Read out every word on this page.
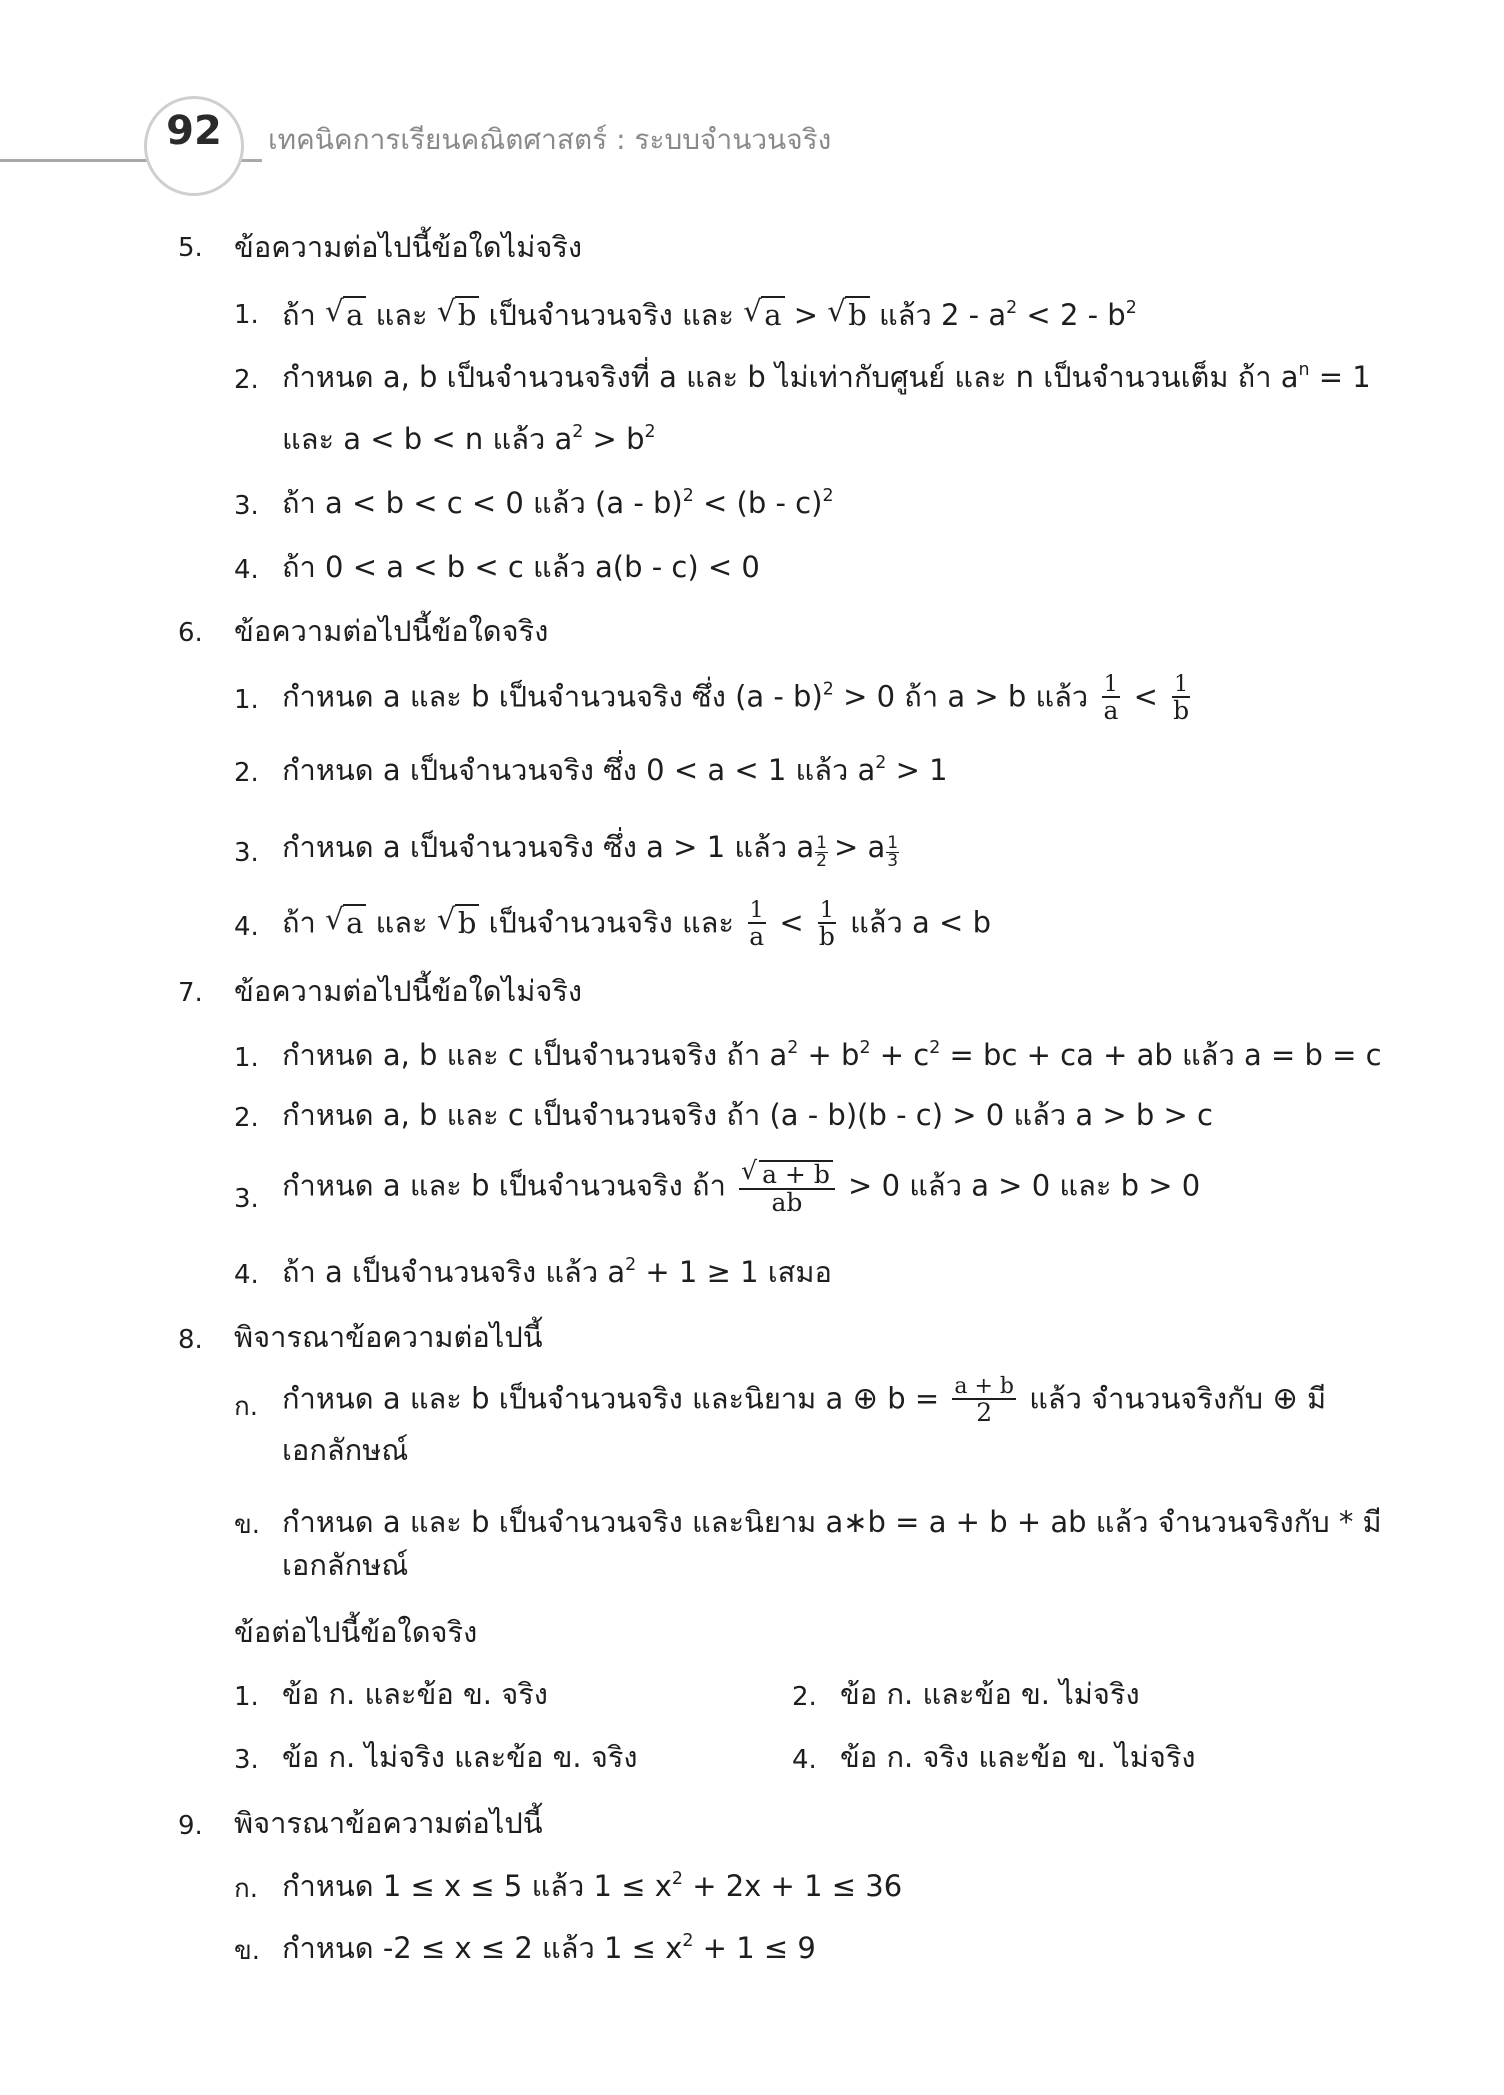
92	เทคนิคการเรียนคณิตศาสตร์ : ระบบจำนวนจริง
5. ข้อความต่อไปนี้ข้อใดไม่จริง
1. ถ้า √ a และ √ b เป็นจำนวนจริง และ √ a > √ b แล้ว $2 - a^2 < 2 - b^2$
2. กำหนด a, b เป็นจำนวนจริงที่ a และ b ไม่เท่ากับศูนย์ และ n เป็นจำนวนเต็ม ถ้า $a^n = 1$
และ a < b < n แล้ว $a^2 > b^2$
3. ถ้า a < b < c < 0 แล้ว (a - b)$^2$ < (b - c)$^2$
4. ถ้า 0 < a < b < c แล้ว a(b - c) < 0
6. ข้อความต่อไปนี้ข้อใดจริง
1. กำหนด a และ b เป็นจำนวนจริง ซึ่ง (a - b)$^2$ > 0 ถ้า a > b แล้ว $\frac{1}{a} < \frac{1}{b}$
2. กำหนด a เป็นจำนวนจริง ซึ่ง 0 < a < 1 แล้ว $a^2 > 1$
3. กำหนด a เป็นจำนวนจริง ซึ่ง a > 1 แล้ว a $\frac{1}{2} > a \frac{1}{3}$
4. ถ้า √ a และ √ b เป็นจำนวนจริง และ $\frac{1}{a} < \frac{1}{b}$ แล้ว a < b
7. ข้อความต่อไปนี้ข้อใดไม่จริง
1. กำหนด a, b และ c เป็นจำนวนจริง ถ้า $a^2 + b^2 + c^2$ = bc + ca + ab แล้ว a = b = c
2. กำหนด a, b และ c เป็นจำนวนจริง ถ้า (a - b)(b - c) > 0 แล้ว a > b > c
3. กำหนด a และ b เป็นจำนวนจริง ถ้า √ $\frac{a + b}{ab} > 0$ แล้ว a > 0 และ b > 0
4. ถ้า a เป็นจำนวนจริง แล้ว $a^2 + 1 \ge 1$ เสมอ
8. พิจารณาข้อความต่อไปนี้
ก. กำหนด a และ b เป็นจำนวนจริง และนิยาม a ⊕ $b = \frac{a + b}{2}$ แล้ว จำนวนจริงกับ ⊕ มี
เอกลักษณ์
ข. กำหนด a และ b เป็นจำนวนจริง และนิยาม a∗b = a + b + ab แล้ว จำนวนจริงกับ * มี
เอกลักษณ์
ข้อต่อไปนี้ข้อใดจริง
1. ข้อ ก. และข้อ ข. จริง	2. ข้อ ก. และข้อ ข. ไม่จริง
3. ข้อ ก. ไม่จริง และข้อ ข. จริง	4. ข้อ ก. จริง และข้อ ข. ไม่จริง
9. พิจารณาข้อความต่อไปนี้
ก. กำหนด 1 ≤ x ≤ 5 แล้ว $1 \le x^2 + 2x + 1 \le 36$
ข. กำหนด -2 ≤ x ≤ 2 แล้ว $1 \le x^2 + 1 \le 9$
